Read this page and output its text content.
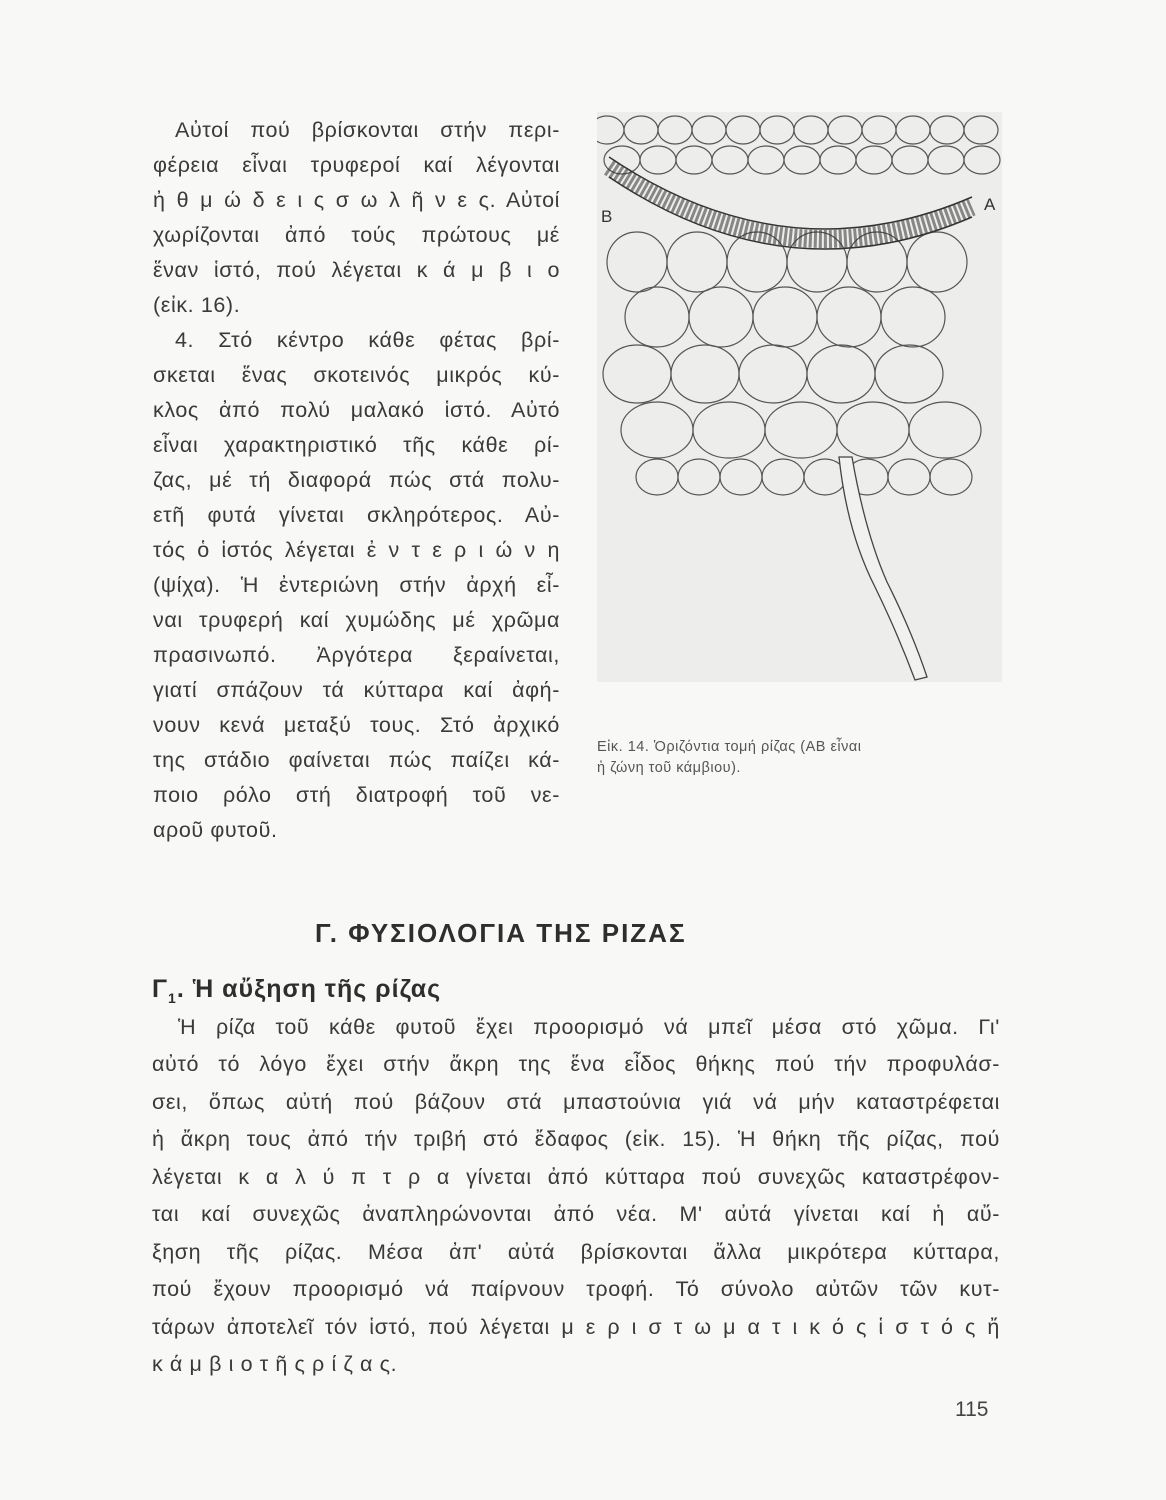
Αὐτοί πού βρίσκονται στήν περι-
φέρεια εἶναι τρυφεροί καί λέγονται
ἠ θ μ ώ δ ε ι ς σ ω λ ῆ ν ε ς. Αὐτοί
χωρίζονται ἀπό τούς πρώτους μέ
ἕναν ἱστό, πού λέγεται κ ά μ β ι ο
(εἰκ. 16).
4. Στό κέντρο κάθε φέτας βρί-
σκεται ἕνας σκοτεινός μικρός κύ-
κλος ἀπό πολύ μαλακό ἱστό. Αὐτό
εἶναι χαρακτηριστικό τῆς κάθε ρί-
ζας, μέ τή διαφορά πώς στά πολυ-
ετῆ φυτά γίνεται σκληρότερος. Αὐ-
τός ὁ ἱστός λέγεται ἐ ν τ ε ρ ι ώ ν η
(ψίχα). Ἡ ἐντεριώνη στήν ἀρχή εἶ-
ναι τρυφερή καί χυμώδης μέ χρῶμα
πρασινωπό. Ἀργότερα ξεραίνεται,
γιατί σπάζουν τά κύτταρα καί ἀφή-
νουν κενά μεταξύ τους. Στό ἀρχικό
της στάδιο φαίνεται πώς παίζει κά-
ποιο ρόλο στή διατροφή τοῦ νε-
αροῦ φυτοῦ.
B
A
Εἰκ. 14. Ὁριζόντια τομή ρίζας (ΑΒ εἶναι
ἡ ζώνη τοῦ κάμβιου).
Γ. ΦΥΣΙΟΛΟΓΙΑ ΤΗΣ ΡΙΖΑΣ
$\Gamma_1$. Ἡ αὔξηση τῆς ρίζας
Ἡ ρίζα τοῦ κάθε φυτοῦ ἔχει προορισμό νά μπεῖ μέσα στό χῶμα. Γι'
αὐτό τό λόγο ἔχει στήν ἄκρη της ἕνα εἶδος θήκης πού τήν προφυλάσ-
σει, ὅπως αὐτή πού βάζουν στά μπαστούνια γιά νά μήν καταστρέφεται
ἡ ἄκρη τους ἀπό τήν τριβή στό ἔδαφος (εἰκ. 15). Ἡ θήκη τῆς ρίζας, πού
λέγεται κ α λ ύ π τ ρ α γίνεται ἀπό κύτταρα πού συνεχῶς καταστρέφον-
ται καί συνεχῶς ἀναπληρώνονται ἀπό νέα. Μ' αὐτά γίνεται καί ἡ αὔ-
ξηση τῆς ρίζας. Μέσα ἀπ' αὐτά βρίσκονται ἄλλα μικρότερα κύτταρα,
πού ἔχουν προορισμό νά παίρνουν τροφή. Τό σύνολο αὐτῶν τῶν κυτ-
τάρων ἀποτελεῖ τόν ἱστό, πού λέγεται μ ε ρ ι σ τ ω μ α τ ι κ ό ς ἱ σ τ ό ς ἤ
κ ά μ β ι ο τ ῆ ς ρ ί ζ α ς.
115
